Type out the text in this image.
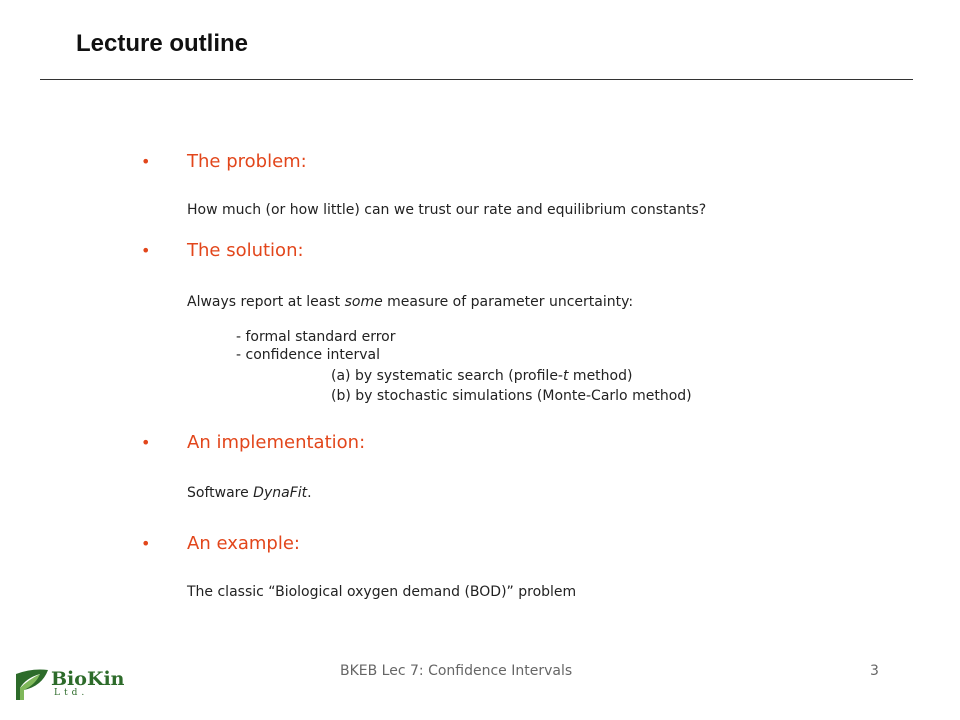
Lecture outline
• The problem:
How much (or how little) can we trust our rate and equilibrium constants?
• The solution:
Always report at least some measure of parameter uncertainty:
- formal standard error
- confidence interval
(a) by systematic search (profile-t method)
(b) by stochastic simulations (Monte-Carlo method)
• An implementation:
Software DynaFit.
• An example:
The classic “Biological oxygen demand (BOD)” problem
BioKin
Ltd.
BKEB Lec 7: Confidence Intervals	3
